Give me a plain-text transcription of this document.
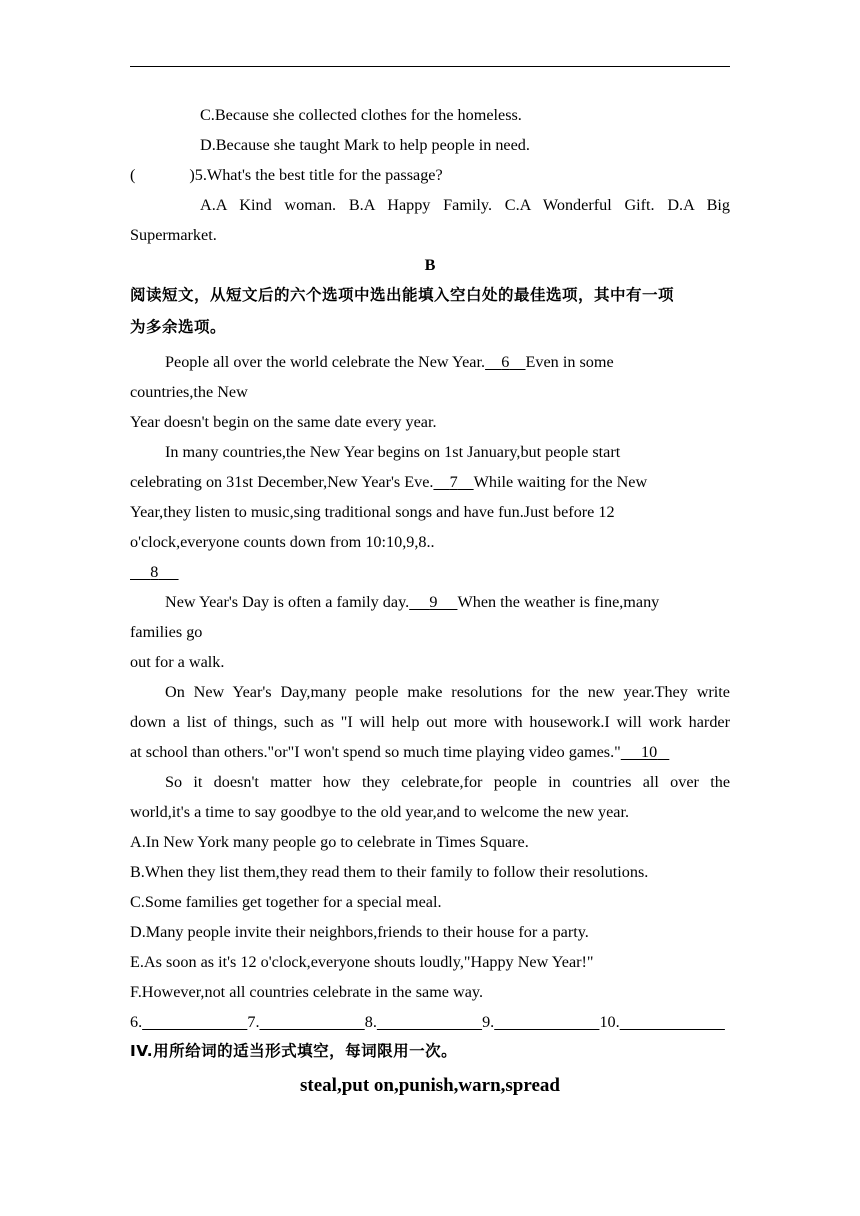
C.Because she collected clothes for the homeless.
D.Because she taught Mark to help people in need.
(	)5.What's the best title for the passage?
A.A Kind woman. B.A Happy Family. C.A Wonderful Gift. D.A Big
Supermarket.
B
阅读短文，从短文后的六个选项中选出能填入空白处的最佳选项，其中有一项
为多余选项。
People all over the world celebrate the New Year. 6 Even in some
countries,the New
Year doesn't begin on the same date every year.
In many countries,the New Year begins on 1st January,but people start
celebrating on 31st December,New Year's Eve. 7 While waiting for the New
Year,they listen to music,sing traditional songs and have fun.Just before 12
o'clock,everyone counts down from 10:10,9,8..
8
New Year's Day is often a family day. 9 When the weather is fine,many
families go
out for a walk.
On New Year's Day,many people make resolutions for the new year.They write
down a list of things, such as "I will help out more with housework.I will work harder
at school than others."or"I won't spend so much time playing video games." 10
So it doesn't matter how they celebrate,for people in countries all over the
world,it's a time to say goodbye to the old year,and to welcome the new year.
A.In New York many people go to celebrate in Times Square.
B.When they list them,they read them to their family to follow their resolutions.
C.Some families get together for a special meal.
D.Many people invite their neighbors,friends to their house for a party.
E.As soon as it's 12 o'clock,everyone shouts loudly,"Happy New Year!"
F.However,not all countries celebrate in the same way.
6.	7.	8.	9.	10.
IV.用所给词的适当形式填空，每词限用一次。
steal,put on,punish,warn,spread
